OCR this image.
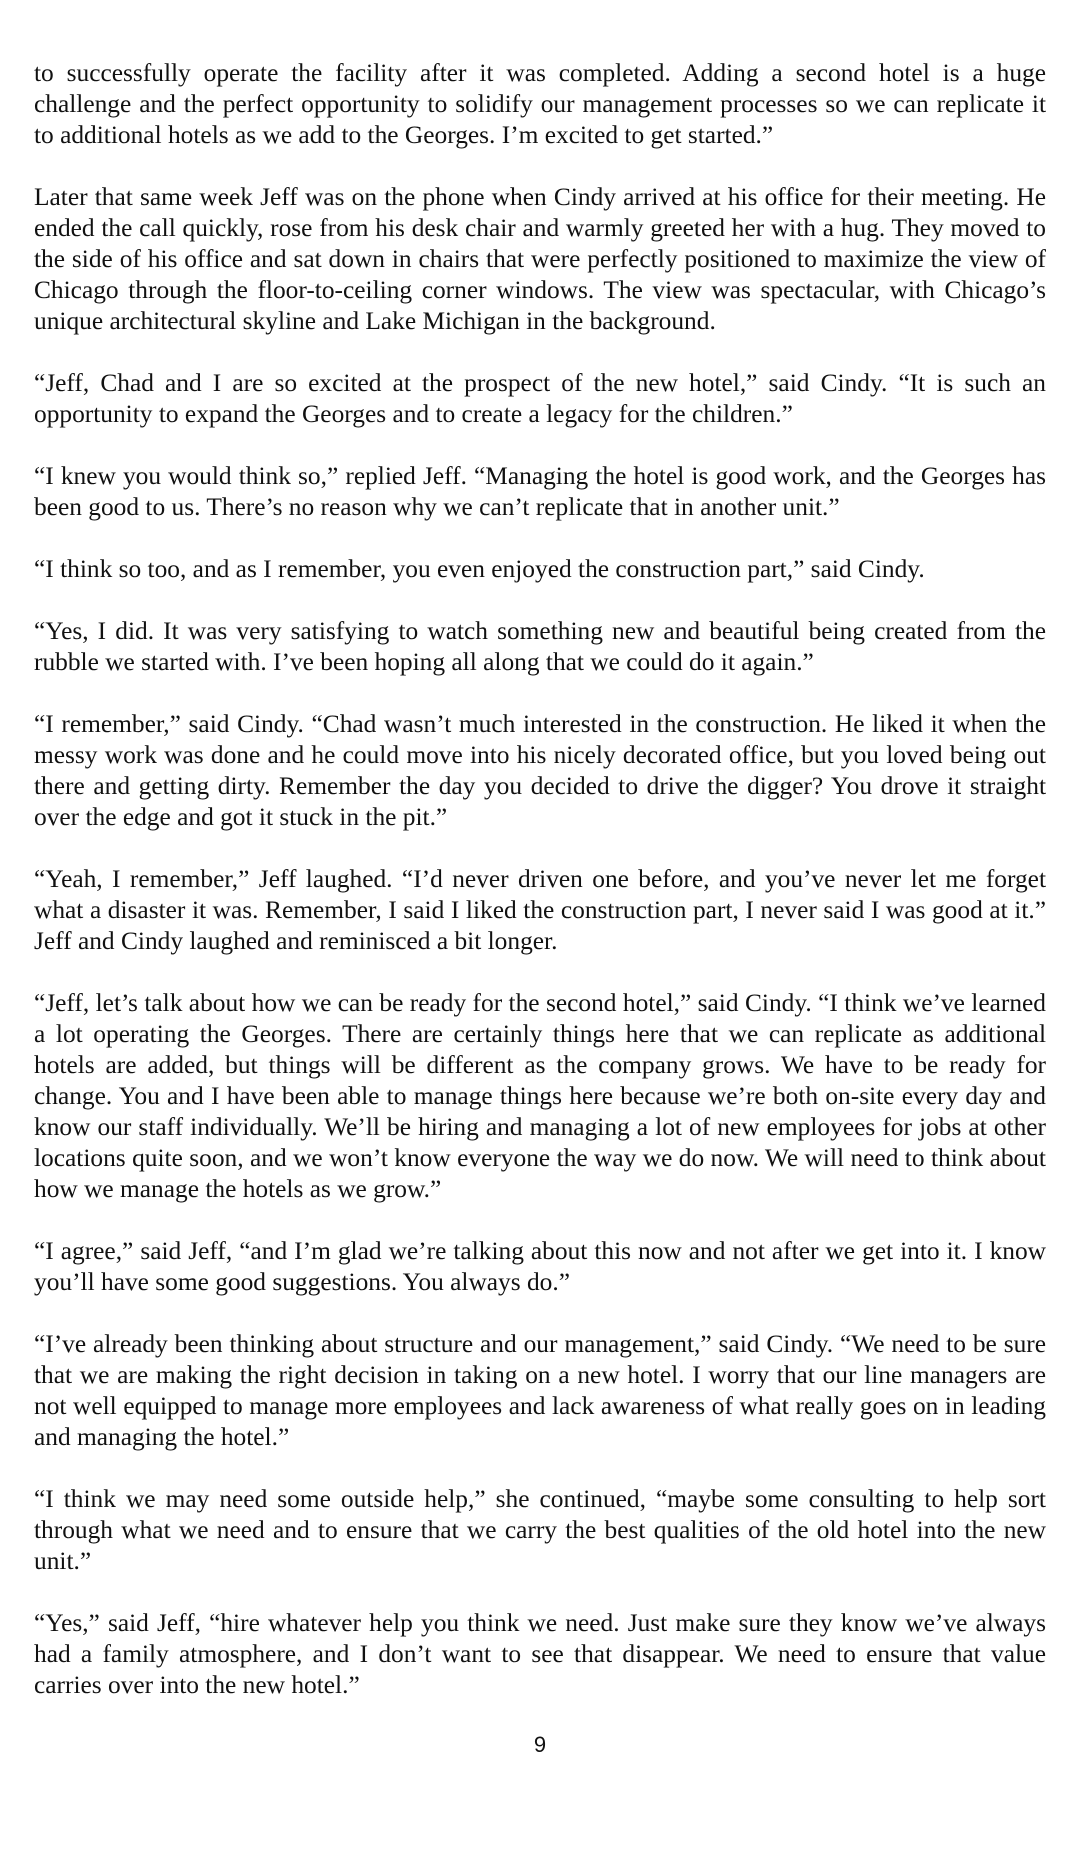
to successfully operate the facility after it was completed. Adding a second hotel is a huge challenge and the perfect opportunity to solidify our management processes so we can replicate it to additional hotels as we add to the Georges. I’m excited to get started.”

Later that same week Jeff was on the phone when Cindy arrived at his office for their meeting. He ended the call quickly, rose from his desk chair and warmly greeted her with a hug. They moved to the side of his office and sat down in chairs that were perfectly positioned to maximize the view of Chicago through the floor-to-ceiling corner windows. The view was spectacular, with Chicago’s unique architectural skyline and Lake Michigan in the background.

“Jeff, Chad and I are so excited at the prospect of the new hotel,” said Cindy. “It is such an opportunity to expand the Georges and to create a legacy for the children.”

“I knew you would think so,” replied Jeff. “Managing the hotel is good work, and the Georges has been good to us. There’s no reason why we can’t replicate that in another unit.”

“I think so too, and as I remember, you even enjoyed the construction part,” said Cindy.

“Yes, I did. It was very satisfying to watch something new and beautiful being created from the rubble we started with. I’ve been hoping all along that we could do it again.”

“I remember,” said Cindy. “Chad wasn’t much interested in the construction. He liked it when the messy work was done and he could move into his nicely decorated office, but you loved being out there and getting dirty. Remember the day you decided to drive the digger? You drove it straight over the edge and got it stuck in the pit.”

“Yeah, I remember,” Jeff laughed. “I’d never driven one before, and you’ve never let me forget what a disaster it was. Remember, I said I liked the construction part, I never said I was good at it.” Jeff and Cindy laughed and reminisced a bit longer.

“Jeff, let’s talk about how we can be ready for the second hotel,” said Cindy. “I think we’ve learned a lot operating the Georges. There are certainly things here that we can replicate as additional hotels are added, but things will be different as the company grows. We have to be ready for change. You and I have been able to manage things here because we’re both on-site every day and know our staff individually. We’ll be hiring and managing a lot of new employees for jobs at other locations quite soon, and we won’t know everyone the way we do now. We will need to think about how we manage the hotels as we grow.”

“I agree,” said Jeff, “and I’m glad we’re talking about this now and not after we get into it. I know you’ll have some good suggestions. You always do.”

“I’ve already been thinking about structure and our management,” said Cindy. “We need to be sure that we are making the right decision in taking on a new hotel. I worry that our line managers are not well equipped to manage more employees and lack awareness of what really goes on in leading and managing the hotel.”

“I think we may need some outside help,” she continued, “maybe some consulting to help sort through what we need and to ensure that we carry the best qualities of the old hotel into the new unit.”

“Yes,” said Jeff, “hire whatever help you think we need. Just make sure they know we’ve always had a family atmosphere, and I don’t want to see that disappear. We need to ensure that value carries over into the new hotel.”

9
